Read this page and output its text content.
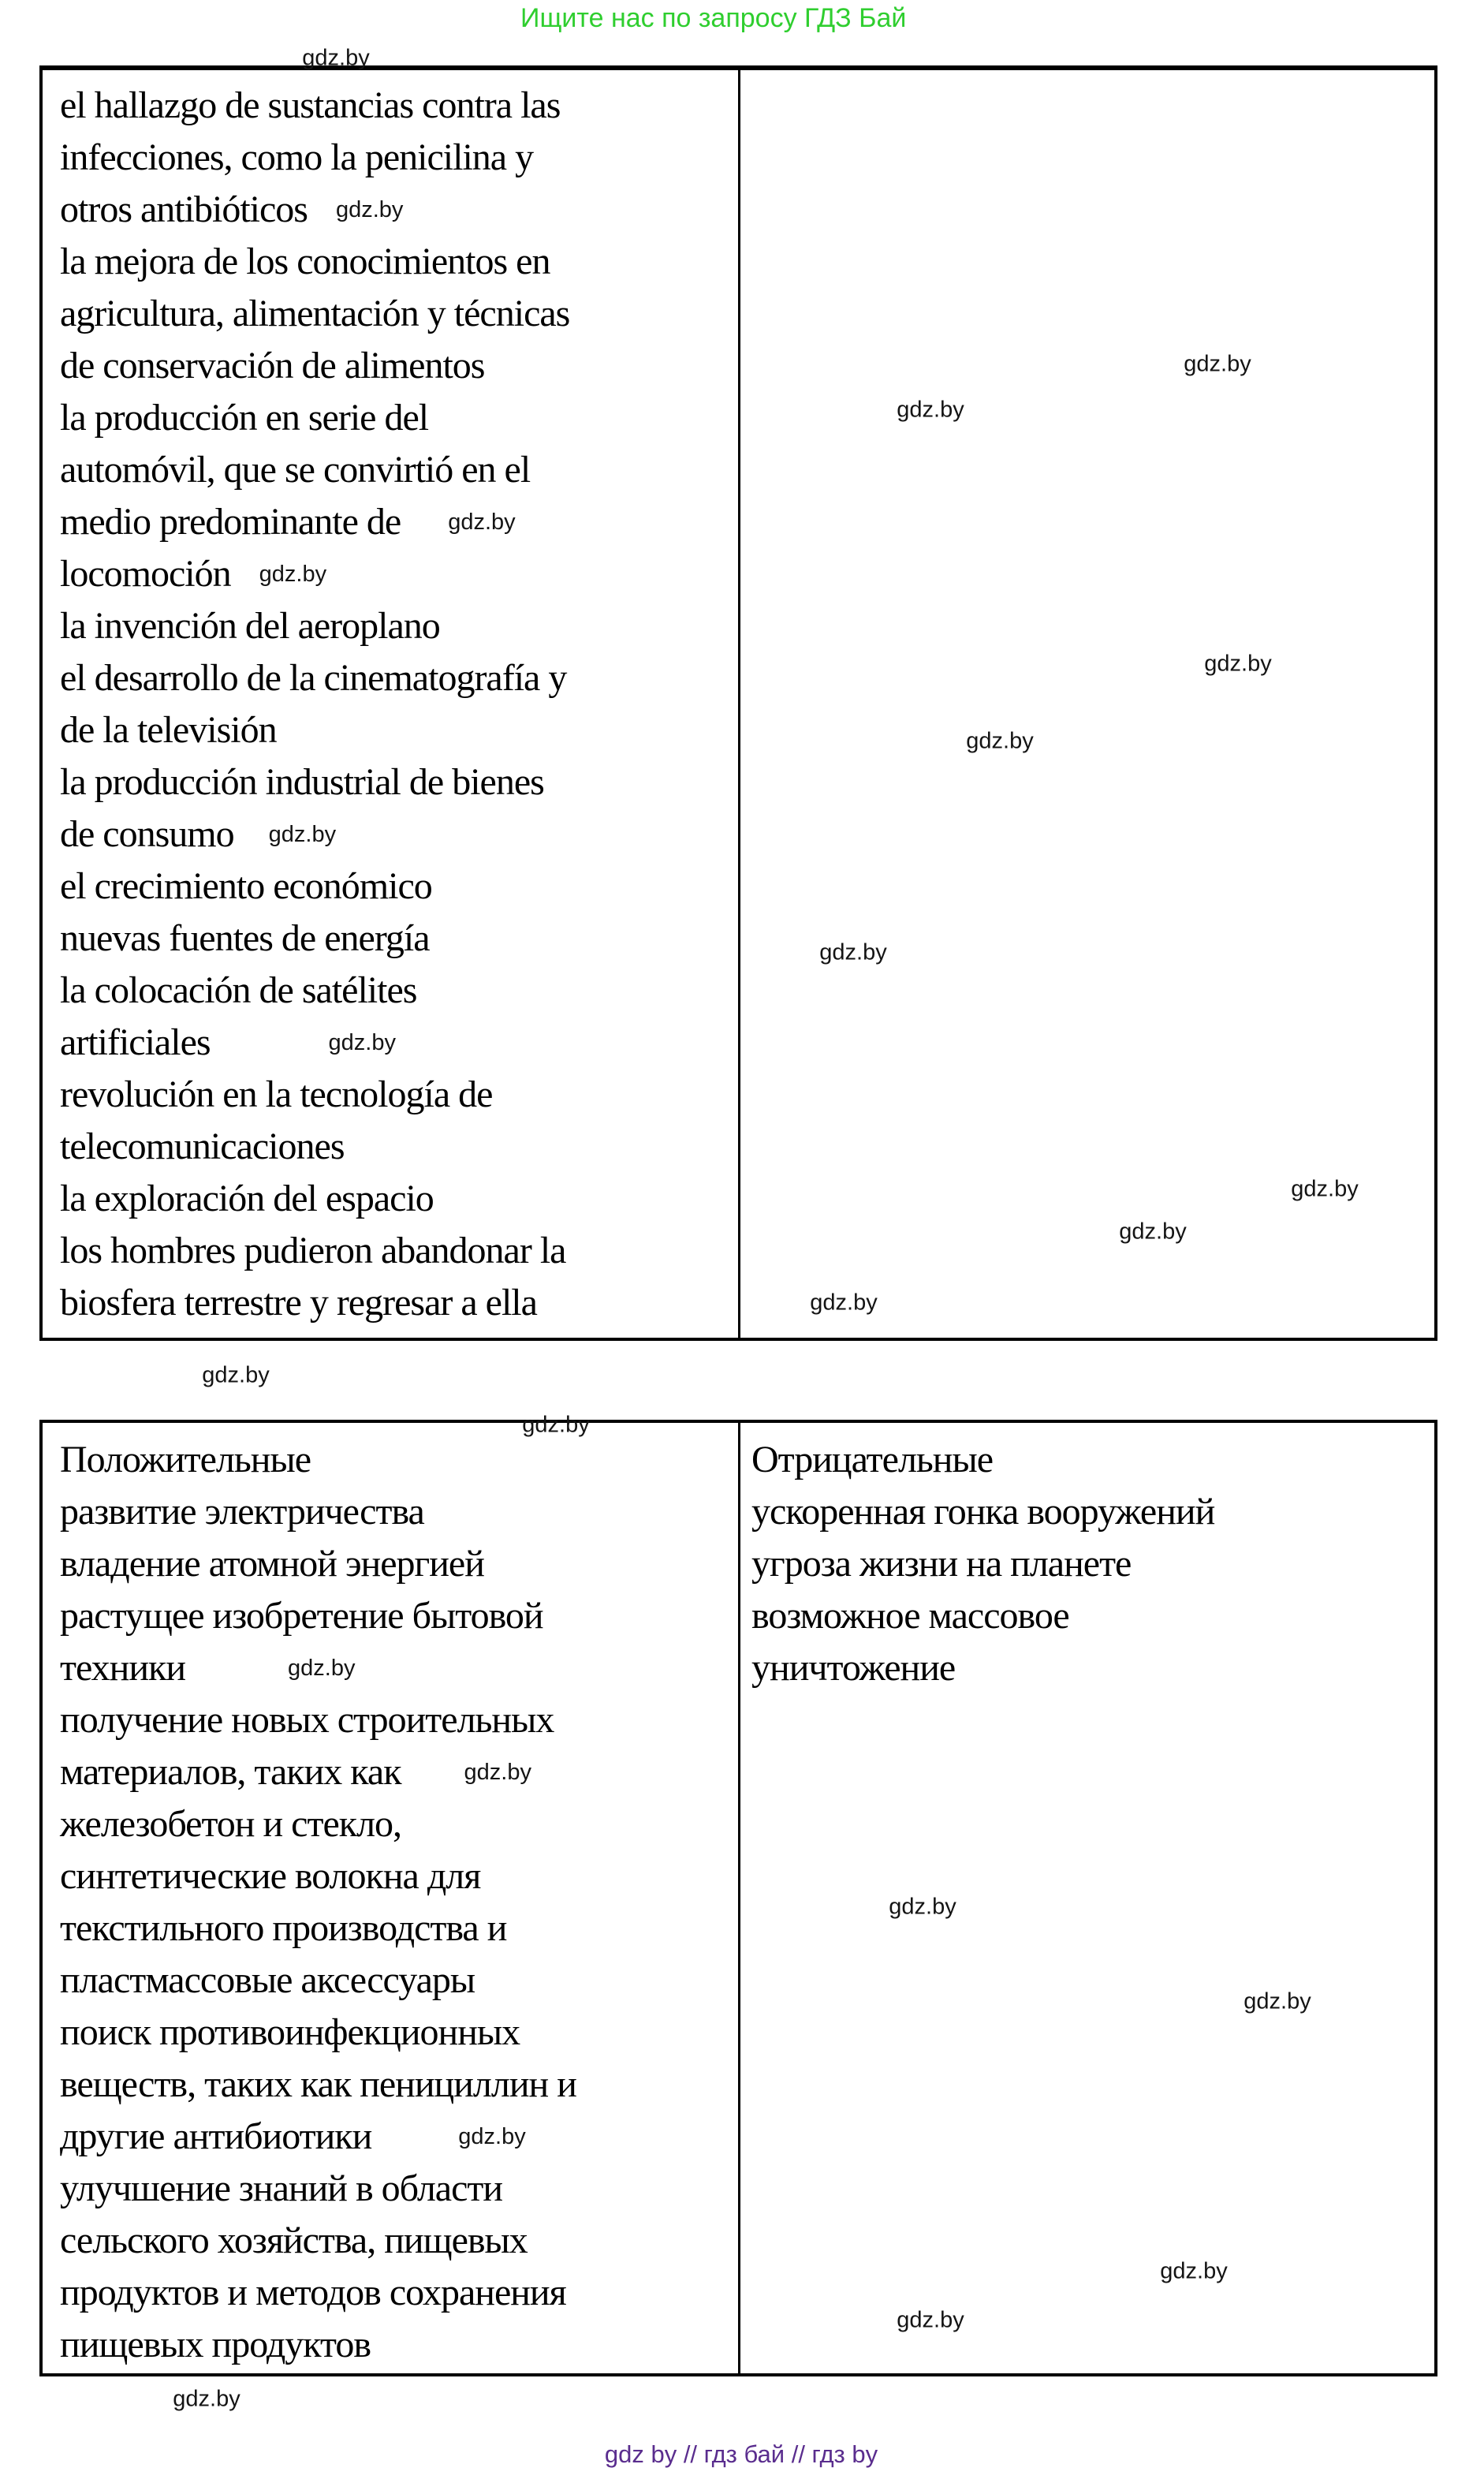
Ищите нас по запросу ГДЗ Бай
gdz.by
el hallazgo de sustancias contra las
infecciones, como la penicilina y
otros antibióticos gdz.by
la mejora de los conocimientos en
agricultura, alimentación y técnicas
de conservación de alimentos
la producción en serie del
automóvil, que se convirtió en el
medio predominante de gdz.by
locomoción gdz.by
la invención del aeroplano
el desarrollo de la cinematografía y
de la televisión
la producción industrial de bienes
de consumo gdz.by
el crecimiento económico
nuevas fuentes de energía
la colocación de satélites
artificiales	gdz.by
revolución en la tecnología de
telecomunicaciones
la exploración del espacio
los hombres pudieron abandonar la
biosfera terrestre y regresar a ella
Положительные
развитие электричества
владение атомной энергией
растущее изобретение бытовой
техники	gdz.by
получение новых строительных
материалов, таких как	gdz.by
железобетон и стекло,
синтетические волокна для
текстильного производства и
пластмассовые аксессуары
поиск противоинфекционных
веществ, таких как пенициллин и
другие антибиотики	gdz.by
улучшение знаний в области
сельского хозяйства, пищевых
продуктов и методов сохранения
пищевых продуктов
Отрицательные
ускоренная гонка вооружений
угроза жизни на планете
возможное массовое
уничтожение
gdz.by
gdz.by
gdz.by
gdz.by
gdz.by
gdz.by
gdz.by
gdz.by
gdz.by
gdz.by
gdz.by
gdz.by
gdz.by
gdz.by
gdz.by
gdz by // гдз бай // гдз by
